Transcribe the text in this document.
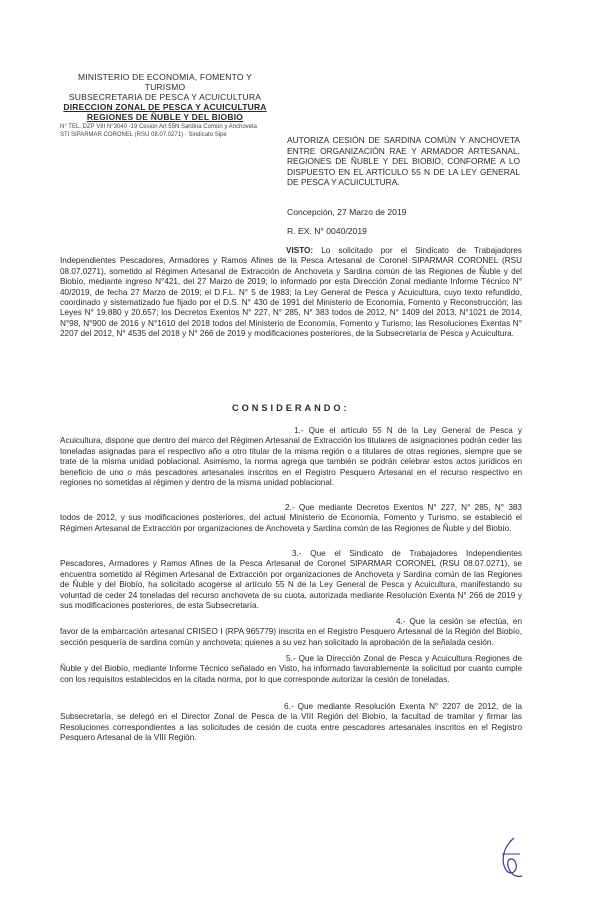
MINISTERIO DE ECONOMIA, FOMENTO Y TURISMO
SUBSECRETARIA DE PESCA Y ACUICULTURA
DIRECCION ZONAL DE PESCA Y ACUICULTURA
REGIONES DE ÑUBLE Y DEL BIOBIO
N° TEL. DZP VIII N°3040 -19 Cesion Art 55N Sardina Común y Anchoveta
STI SIPARMAR CORONEL (RSU 08.07.0271) · Sindicato Sipe	AUTORIZA CESIÓN DE SARDINA COMÚN Y ANCHOVETA ENTRE ORGANIZACIÓN RAE Y ARMADOR ARTESANAL, REGIONES DE ÑUBLE Y DEL BIOBIO, CONFORME A LO DISPUESTO EN EL ARTÍCULO 55 N DE LA LEY GENERAL DE PESCA Y ACUICULTURA.
Concepción, 27 Marzo de 2019
R. EX. N° 0040/2019
VISTO: Lo solicitado por el Sindicato de Trabajadores Independientes Pescadores, Armadores y Ramos Afines de la Pesca Artesanal de Coronel SIPARMAR CORONEL (RSU 08.07.0271), sometido al Régimen Artesanal de Extracción de Anchoveta y Sardina común de las Regiones de Ñuble y del Biobío, mediante ingreso N°421, del 27 Marzo de 2019; lo informado por esta Dirección Zonal mediante Informe Técnico N° 40/2019, de fecha 27 Marzo de 2019; el D.F.L. N° 5 de 1983; la Ley General de Pesca y Acuicultura, cuyo texto refundido, coordinado y sistematizado fue fijado por el D.S. N° 430 de 1991 del Ministerio de Economía, Fomento y Reconstrucción; las Leyes N° 19.880 y 20.657; los Decretos Exentos N° 227, N° 285, N° 383 todos de 2012, N° 1409 del 2013, N°1021 de 2014, N°98, N°900 de 2016 y N°1610 del 2018 todos del Ministerio de Economía, Fomento y Turismo; las Resoluciones Exentas N° 2207 del 2012, N° 4535 del 2018 y N° 266 de 2019 y modificaciones posteriores, de la Subsecretaría de Pesca y Acuicultura.
CONSIDERANDO:
1.- Que el artículo 55 N de la Ley General de Pesca y Acuicultura, dispone que dentro del marco del Régimen Artesanal de Extracción los titulares de asignaciones podrán ceder las toneladas asignadas para el respectivo año a otro titular de la misma región o a titulares de otras regiones, siempre que se trate de la misma unidad poblacional. Asimismo, la norma agrega que también se podrán celebrar estos actos jurídicos en beneficio de uno o más pescadores artesanales inscritos en el Registro Pesquero Artesanal en el recurso respectivo en regiones no sometidas al régimen y dentro de la misma unidad poblacional.
2.- Que mediante Decretos Exentos N° 227, N° 285, N° 383 todos de 2012, y sus modificaciones posteriores, del actual Ministerio de Economía, Fomento y Turismo, se estableció el Régimen Artesanal de Extracción por organizaciones de Anchoveta y Sardina común de las Regiones de Ñuble y del Biobío.
3.- Que el Sindicato de Trabajadores Independientes Pescadores, Armadores y Ramos Afines de la Pesca Artesanal de Coronel SIPARMAR CORONEL (RSU 08.07.0271), se encuentra sometido al Régimen Artesanal de Extracción por organizaciones de Anchoveta y Sardina común de las Regiones de Ñuble y del Biobío, ha solicitado acogerse al artículo 55 N de la Ley General de Pesca y Acuicultura, manifestando su voluntad de ceder 24 toneladas del recurso anchoveta de su cuota, autorizada mediante Resolución Exenta N° 266 de 2019 y sus modificaciones posteriores, de esta Subsecretaría.
4.- Que la cesión se efectúa, en favor de la embarcación artesanal CRISEO I (RPA 965779) inscrita en el Registro Pesquero Artesanal de la Región del Biobío, sección pesquería de sardina común y anchoveta; quienes a su vez han solicitado la aprobación de la señalada cesión.
5.- Que la Dirección Zonal de Pesca y Acuicultura Regiones de Ñuble y del Biobío, mediante Informe Técnico señalado en Visto, ha informado favorablemente la solicitud por cuanto cumple con los requisitos establecidos en la citada norma, por lo que corresponde autorizar la cesión de toneladas.
6.- Que mediante Resolución Exenta N° 2207 de 2012, de la Subsecretaría, se delegó en el Director Zonal de Pesca de la VIII Región del Biobío, la facultad de tramitar y firmar las Resoluciones correspondientes a las solicitudes de cesión de cuota entre pescadores artesanales inscritos en el Registro Pesquero Artesanal de la VIII Región.
